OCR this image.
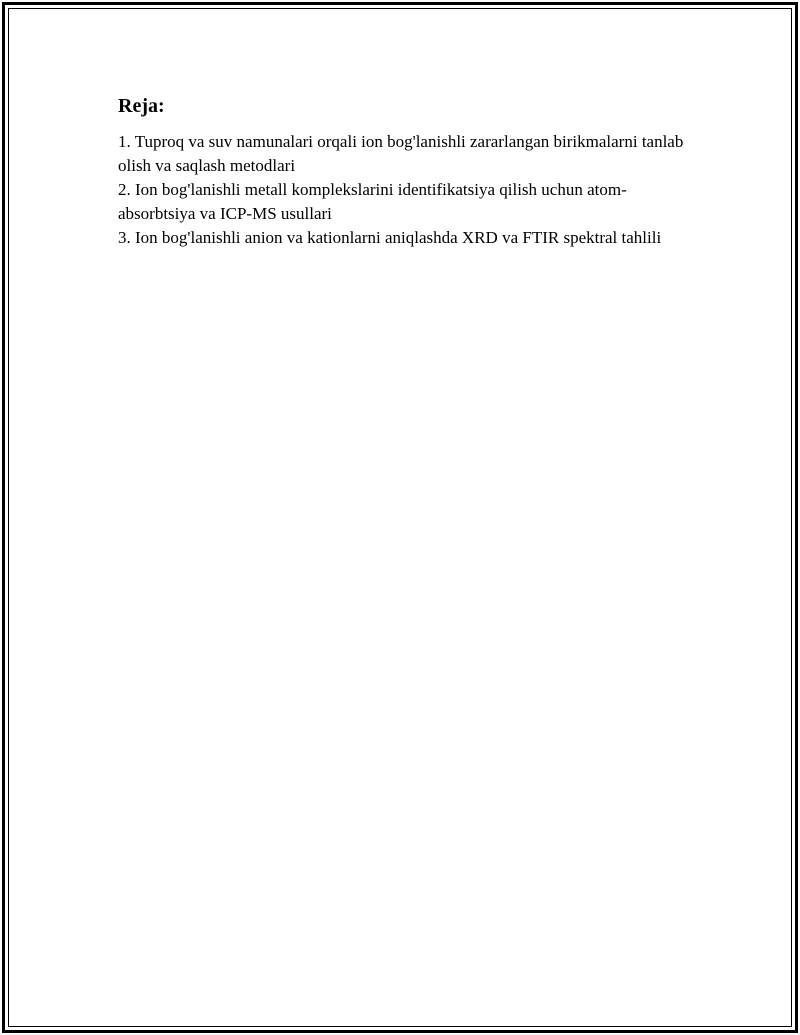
Reja:
1. Tuproq va suv namunalari orqali ion bog'lanishli zararlangan birikmalarni tanlab olish va saqlash metodlari
2. Ion bog'lanishli metall komplekslarini identifikatsiya qilish uchun atom-absorbtsiya va ICP-MS usullari
3. Ion bog'lanishli anion va kationlarni aniqlashda XRD va FTIR spektral tahlili
